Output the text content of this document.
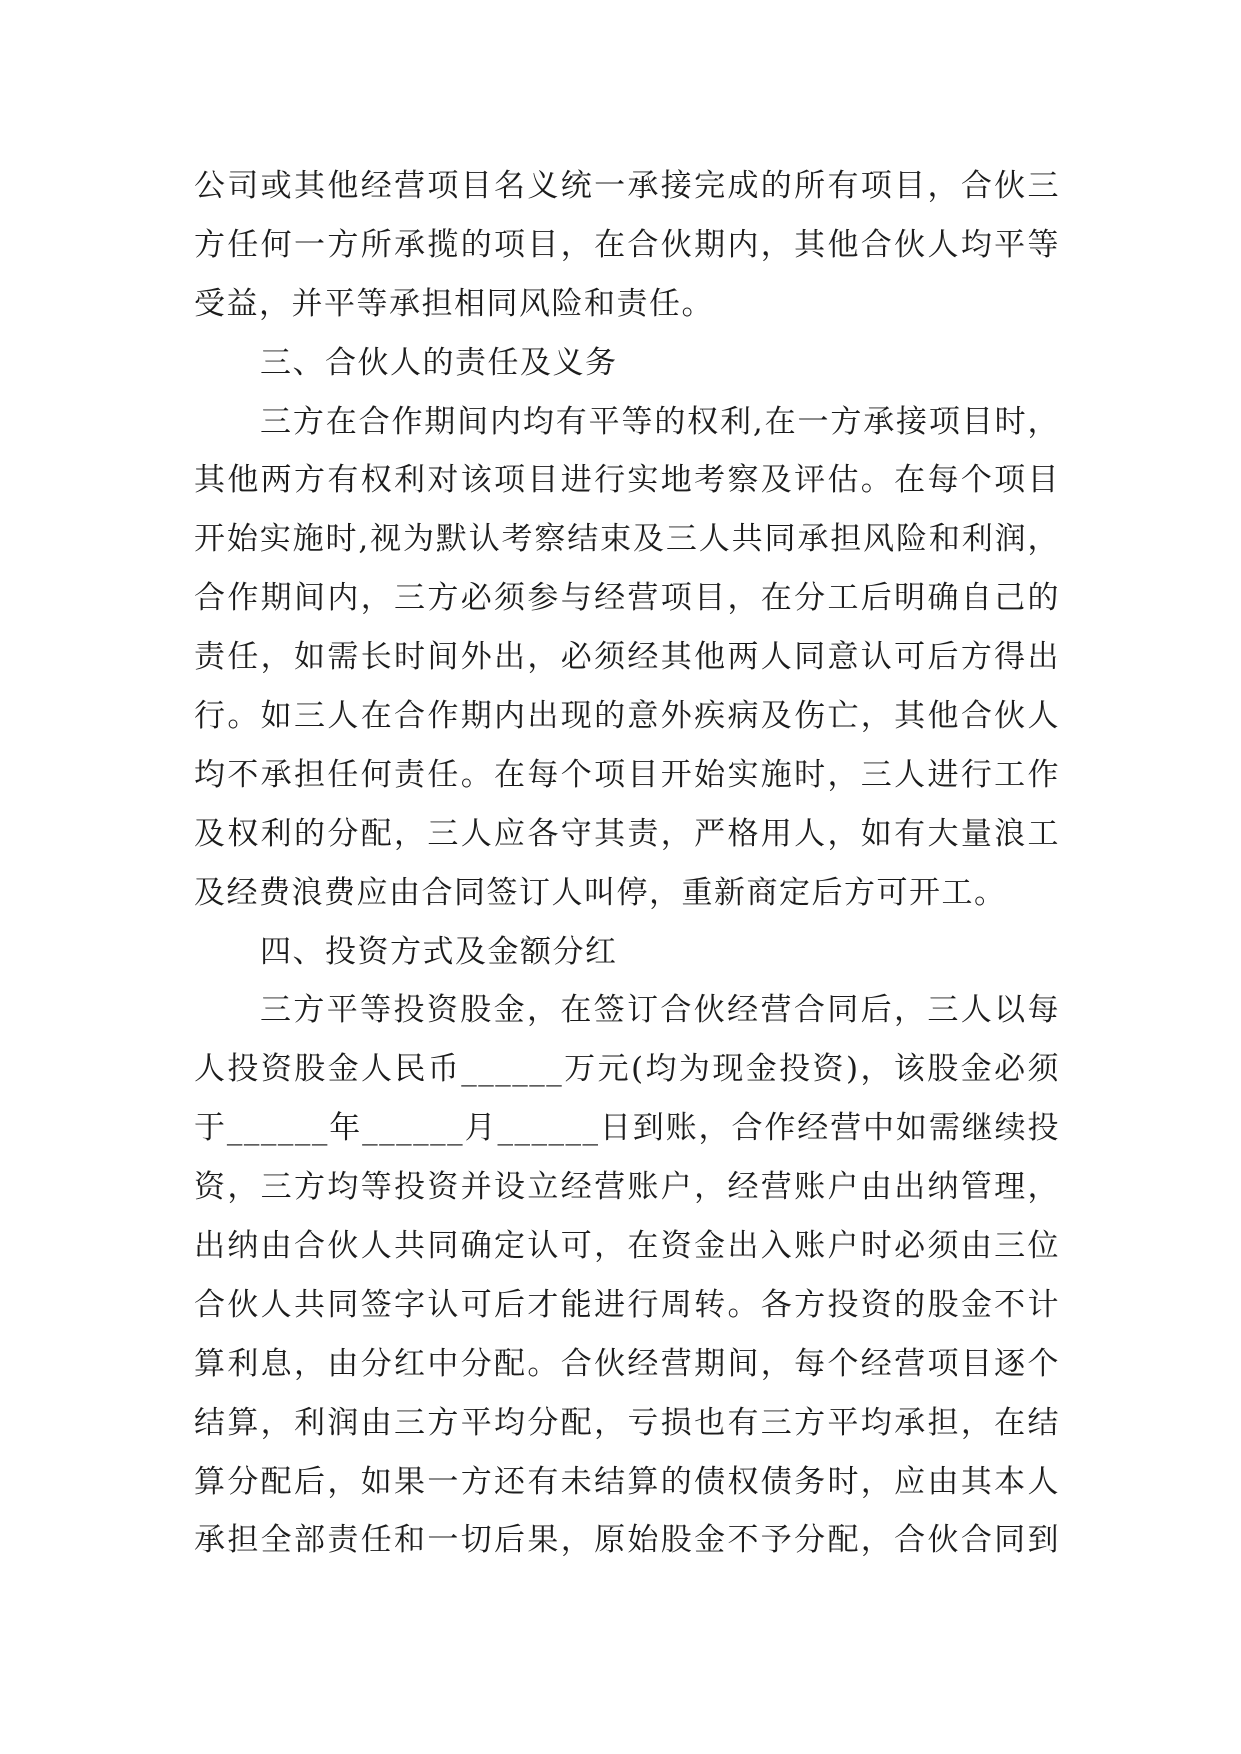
公司或其他经营项目名义统一承接完成的所有项目，合伙三
方任何一方所承揽的项目，在合伙期内，其他合伙人均平等
受益，并平等承担相同风险和责任。
三、合伙人的责任及义务
三方在合作期间内均有平等的权利,在一方承接项目时，
其他两方有权利对该项目进行实地考察及评估。在每个项目
开始实施时,视为默认考察结束及三人共同承担风险和利润，
合作期间内，三方必须参与经营项目，在分工后明确自己的
责任，如需长时间外出，必须经其他两人同意认可后方得出
行。如三人在合作期内出现的意外疾病及伤亡，其他合伙人
均不承担任何责任。在每个项目开始实施时，三人进行工作
及权利的分配，三人应各守其责，严格用人，如有大量浪工
及经费浪费应由合同签订人叫停，重新商定后方可开工。
四、投资方式及金额分红
三方平等投资股金，在签订合伙经营合同后，三人以每
人投资股金人民币______万元(均为现金投资)，该股金必须
于______年______月______日到账，合作经营中如需继续投
资，三方均等投资并设立经营账户，经营账户由出纳管理，
出纳由合伙人共同确定认可，在资金出入账户时必须由三位
合伙人共同签字认可后才能进行周转。各方投资的股金不计
算利息，由分红中分配。合伙经营期间，每个经营项目逐个
结算，利润由三方平均分配，亏损也有三方平均承担，在结
算分配后，如果一方还有未结算的债权债务时，应由其本人
承担全部责任和一切后果，原始股金不予分配，合伙合同到
